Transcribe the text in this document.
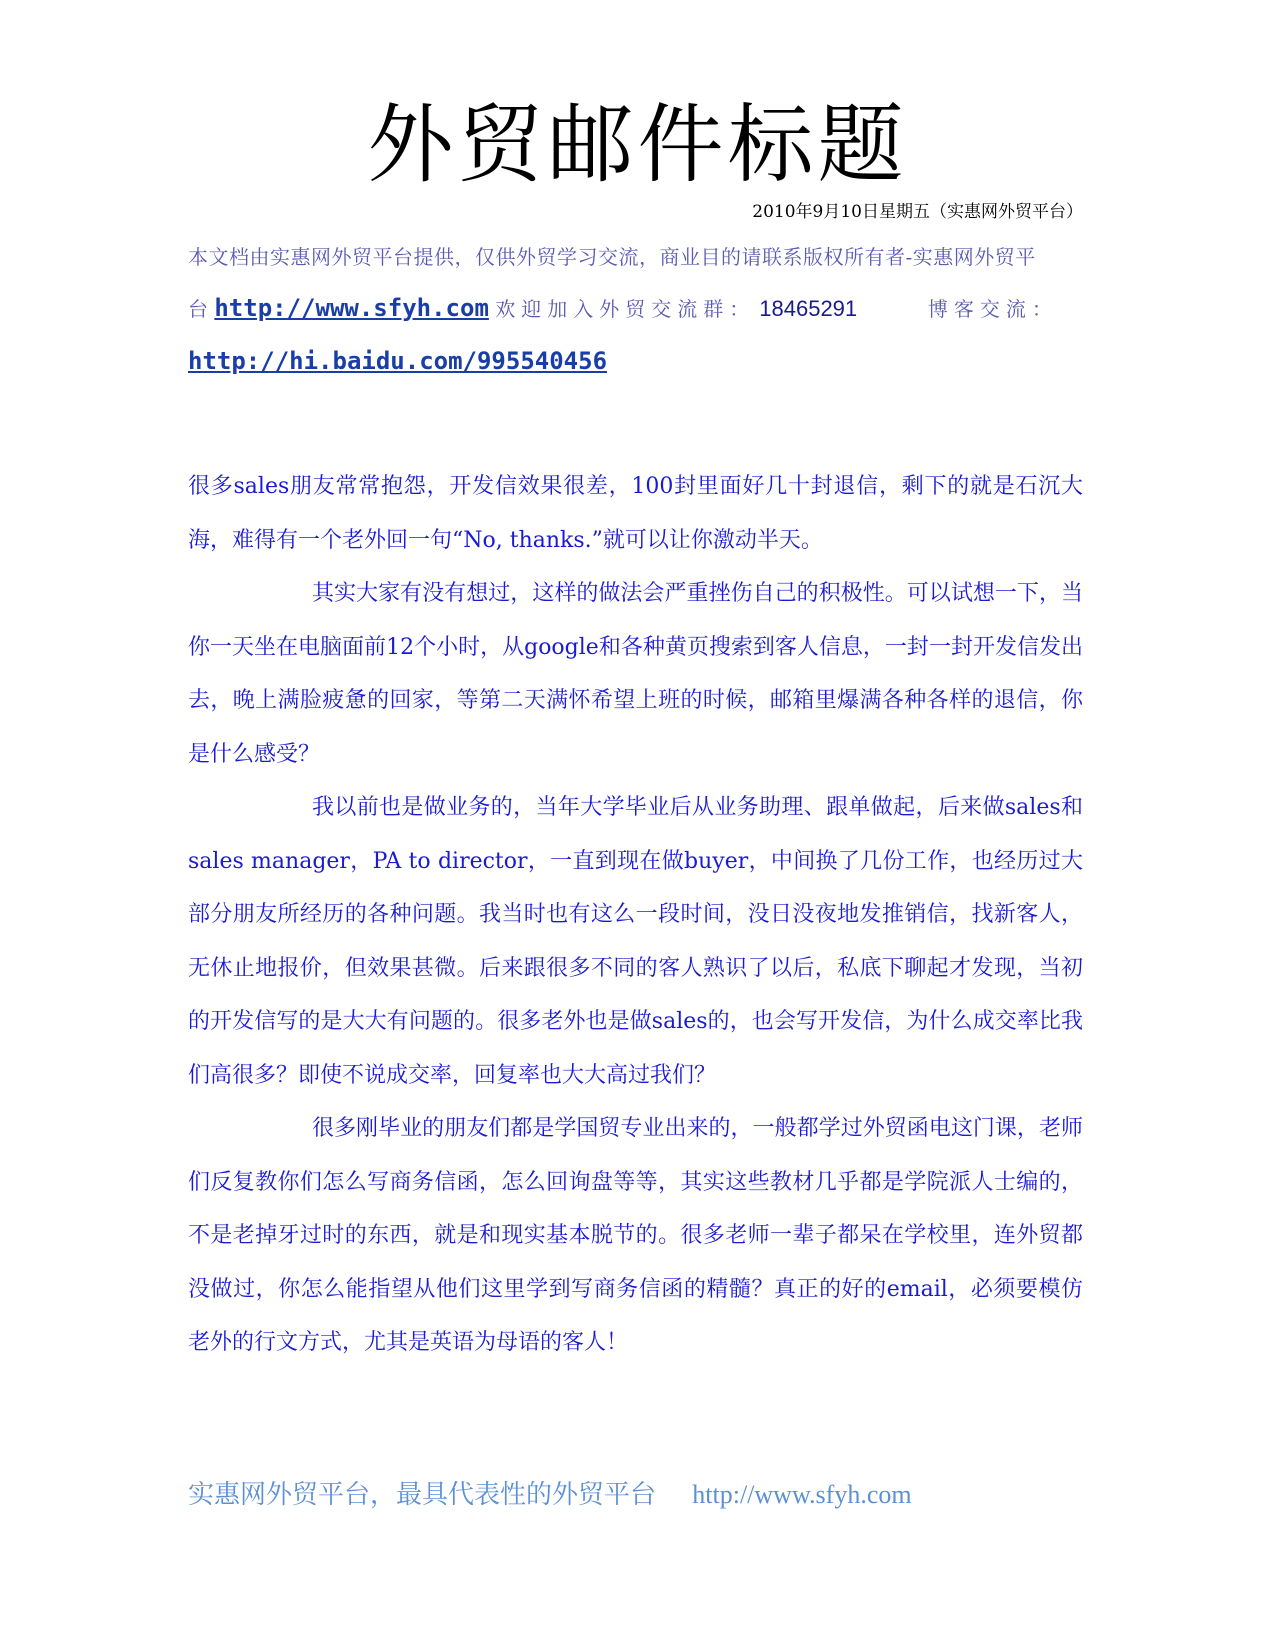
外贸邮件标题
2010年9月10日星期五（实惠网外贸平台）
本文档由实惠网外贸平台提供，仅供外贸学习交流，商业目的请联系版权所有者-实惠网外贸平
台 http://www.sfyh.com 欢迎加入外贸交流群： 18465291	博客交流：
http://hi.baidu.com/995540456

很多sales朋友常常抱怨，开发信效果很差，100封里面好几十封退信，剩下的就是石沉大海，难得有一个老外回一句“No, thanks.”就可以让你激动半天。

其实大家有没有想过，这样的做法会严重挫伤自己的积极性。可以试想一下，当你一天坐在电脑面前12个小时，从google和各种黄页搜索到客人信息，一封一封开发信发出去，晚上满脸疲惫的回家，等第二天满怀希望上班的时候，邮箱里爆满各种各样的退信，你是什么感受？

我以前也是做业务的，当年大学毕业后从业务助理、跟单做起，后来做sales和sales manager，PA to director，一直到现在做buyer，中间换了几份工作，也经历过大部分朋友所经历的各种问题。我当时也有这么一段时间，没日没夜地发推销信，找新客人，无休止地报价，但效果甚微。后来跟很多不同的客人熟识了以后，私底下聊起才发现，当初的开发信写的是大大有问题的。很多老外也是做sales的，也会写开发信，为什么成交率比我们高很多？即使不说成交率，回复率也大大高过我们？

很多刚毕业的朋友们都是学国贸专业出来的，一般都学过外贸函电这门课，老师们反复教你们怎么写商务信函，怎么回询盘等等，其实这些教材几乎都是学院派人士编的，不是老掉牙过时的东西，就是和现实基本脱节的。很多老师一辈子都呆在学校里，连外贸都没做过，你怎么能指望从他们这里学到写商务信函的精髓？真正的好的email，必须要模仿老外的行文方式，尤其是英语为母语的客人！

实惠网外贸平台，最具代表性的外贸平台 http://www.sfyh.com
